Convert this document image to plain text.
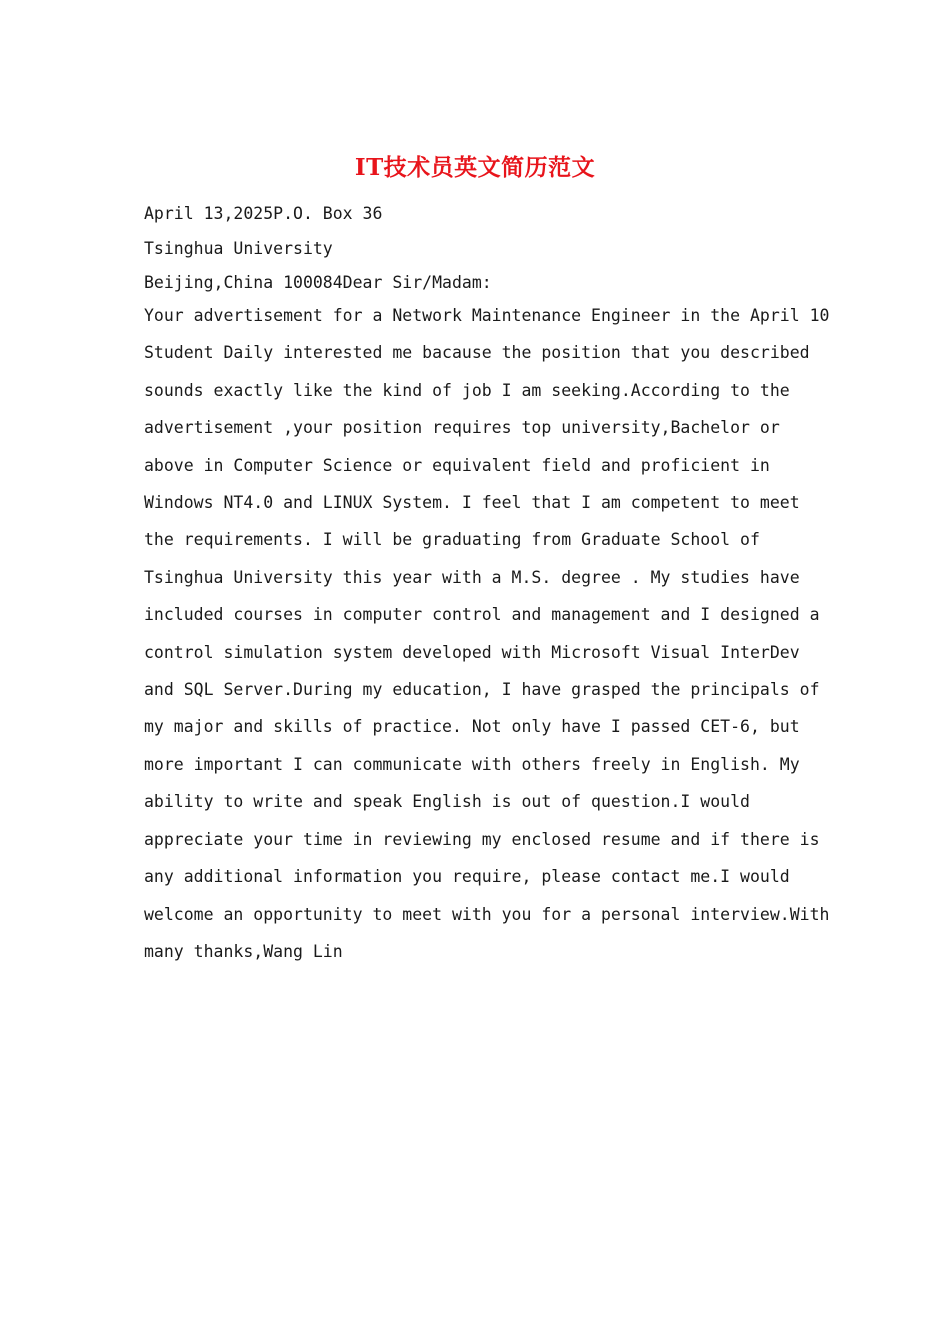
IT技术员英文简历范文
April 13,2025P.O. Box 36
Tsinghua University
Beijing,China 100084Dear Sir/Madam:
Your advertisement for a Network Maintenance Engineer in the April 10
Student Daily interested me bacause the position that you described
sounds exactly like the kind of job I am seeking.According to the
advertisement ,your position requires top university,Bachelor or
above in Computer Science or equivalent field and proficient in
Windows NT4.0 and LINUX System. I feel that I am competent to meet
the requirements. I will be graduating from Graduate School of
Tsinghua University this year with a M.S. degree . My studies have
included courses in computer control and management and I designed a
control simulation system developed with Microsoft Visual InterDev
and SQL Server.During my education, I have grasped the principals of
my major and skills of practice. Not only have I passed CET-6, but
more important I can communicate with others freely in English. My
ability to write and speak English is out of question.I would
appreciate your time in reviewing my enclosed resume and if there is
any additional information you require, please contact me.I would
welcome an opportunity to meet with you for a personal interview.With
many thanks,Wang Lin
